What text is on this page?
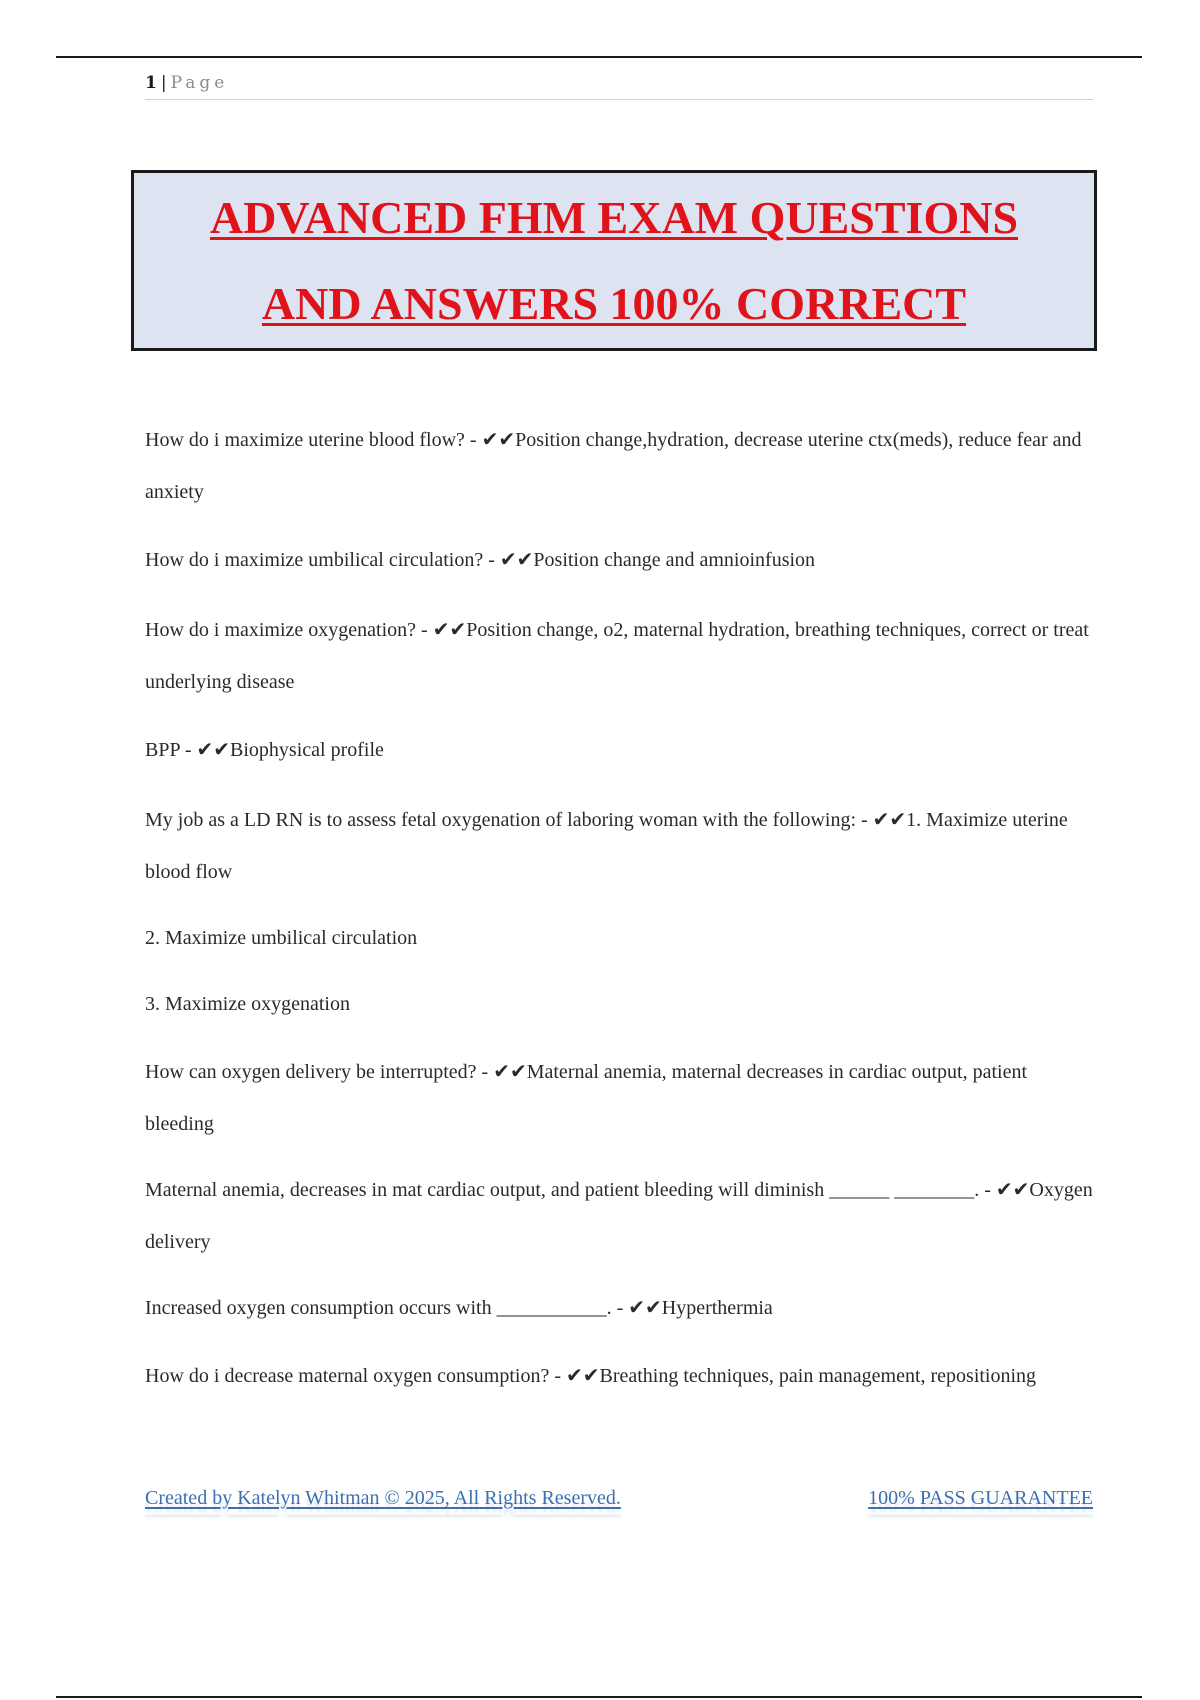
1 | Page
ADVANCED FHM EXAM QUESTIONS
AND ANSWERS 100% CORRECT

How do i maximize uterine blood flow? - ✔✔Position change,hydration, decrease uterine ctx(meds), reduce fear and anxiety

How do i maximize umbilical circulation? - ✔✔Position change and amnioinfusion

How do i maximize oxygenation? - ✔✔Position change, o2, maternal hydration, breathing techniques, correct or treat underlying disease

BPP - ✔✔Biophysical profile

My job as a LD RN is to assess fetal oxygenation of laboring woman with the following: - ✔✔1. Maximize uterine blood flow

2. Maximize umbilical circulation

3. Maximize oxygenation

How can oxygen delivery be interrupted? - ✔✔Maternal anemia, maternal decreases in cardiac output, patient bleeding

Maternal anemia, decreases in mat cardiac output, and patient bleeding will diminish ______ ________. - ✔✔Oxygen delivery

Increased oxygen consumption occurs with ___________. - ✔✔Hyperthermia

How do i decrease maternal oxygen consumption? - ✔✔Breathing techniques, pain management, repositioning

Created by Katelyn Whitman © 2025, All Rights Reserved.	100% PASS GUARANTEE
